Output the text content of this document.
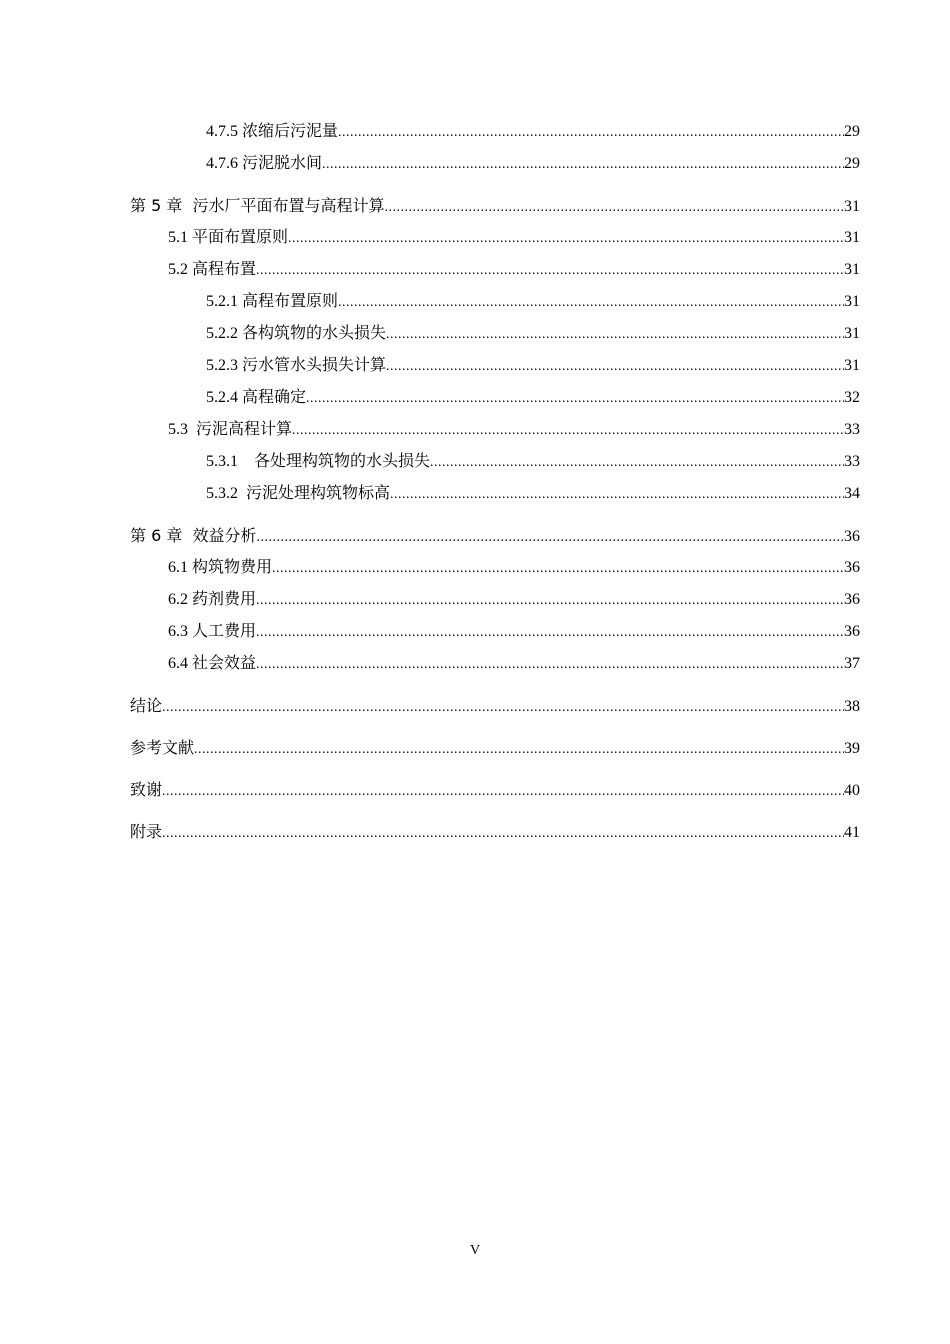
4.7.5 浓缩后污泥量 .....	29
4.7.6 污泥脱水间 .....	29
第 5 章  污水厂平面布置与高程计算 .....	31
5.1 平面布置原则 .....	31
5.2 高程布置 .....	31
5.2.1 高程布置原则 .....	31
5.2.2 各构筑物的水头损失 .....	31
5.2.3 污水管水头损失计算 .....	31
5.2.4 高程确定 .....	32
5.3  污泥高程计算 .....	33
5.3.1    各处理构筑物的水头损失 .....	33
5.3.2  污泥处理构筑物标高 .....	34
第 6 章  效益分析 .....	36
6.1 构筑物费用 .....	36
6.2 药剂费用 .....	36
6.3 人工费用 .....	36
6.4 社会效益 .....	37
结论 .....	38
参考文献 .....	39
致谢 .....	40
附录 .....	41
V
